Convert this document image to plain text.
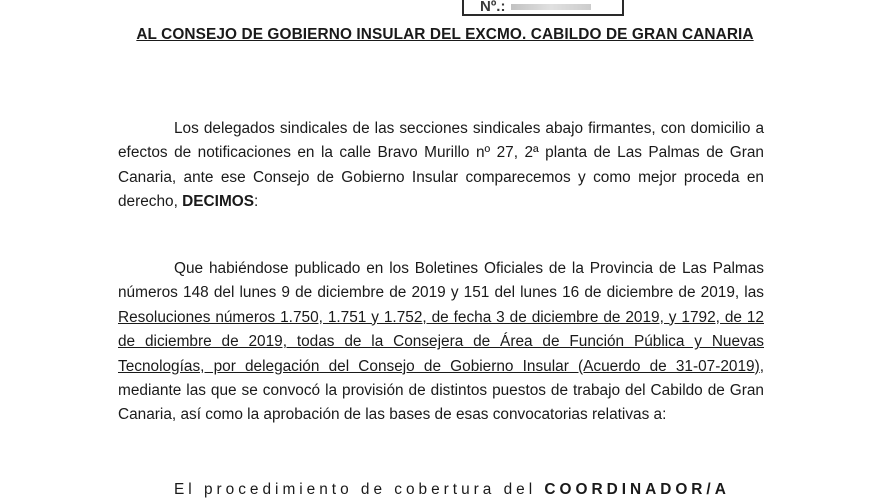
Nº.:
AL CONSEJO DE GOBIERNO INSULAR DEL EXCMO. CABILDO DE GRAN CANARIA
Los delegados sindicales de las secciones sindicales abajo firmantes, con domicilio a efectos de notificaciones en la calle Bravo Murillo nº 27, 2ª planta de Las Palmas de Gran Canaria, ante ese Consejo de Gobierno Insular comparecemos y como mejor proceda en derecho, DECIMOS:
Que habiéndose publicado en los Boletines Oficiales de la Provincia de Las Palmas números 148 del lunes 9 de diciembre de 2019 y 151 del lunes 16 de diciembre de 2019, las Resoluciones números 1.750, 1.751 y 1.752, de fecha 3 de diciembre de 2019, y 1792, de 12 de diciembre de 2019, todas de la Consejera de Área de Función Pública y Nuevas Tecnologías, por delegación del Consejo de Gobierno Insular (Acuerdo de 31-07-2019), mediante las que se convocó la provisión de distintos puestos de trabajo del Cabildo de Gran Canaria, así como la aprobación de las bases de esas convocatorias relativas a:
El procedimiento de cobertura del COORDINADOR/A
